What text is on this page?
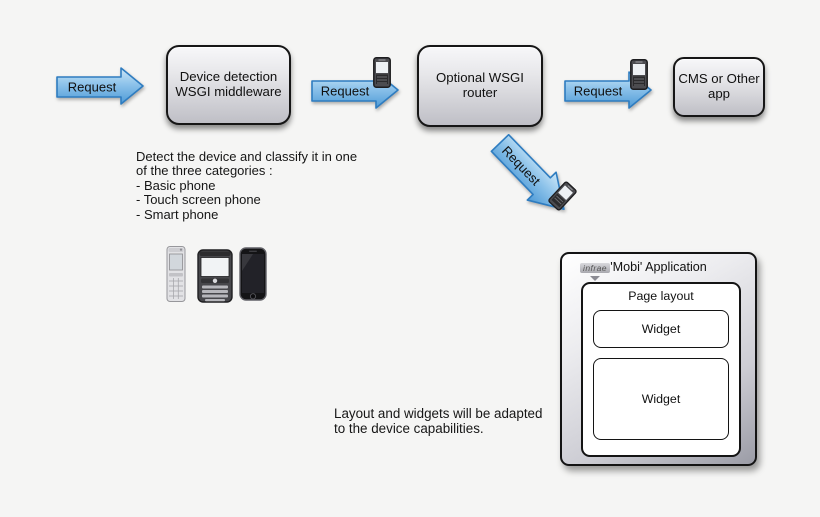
Request
Device detection
WSGI middleware	Request
Optional WSGI router	Request
CMS or Other
app
Request
Detect the device and classify it in one
of the three categories :
- Basic phone
- Touch screen phone
- Smart phone
infrae 'Mobi' Application
Page layout
Widget
Widget
Layout and widgets will be adapted
to the device capabilities.
